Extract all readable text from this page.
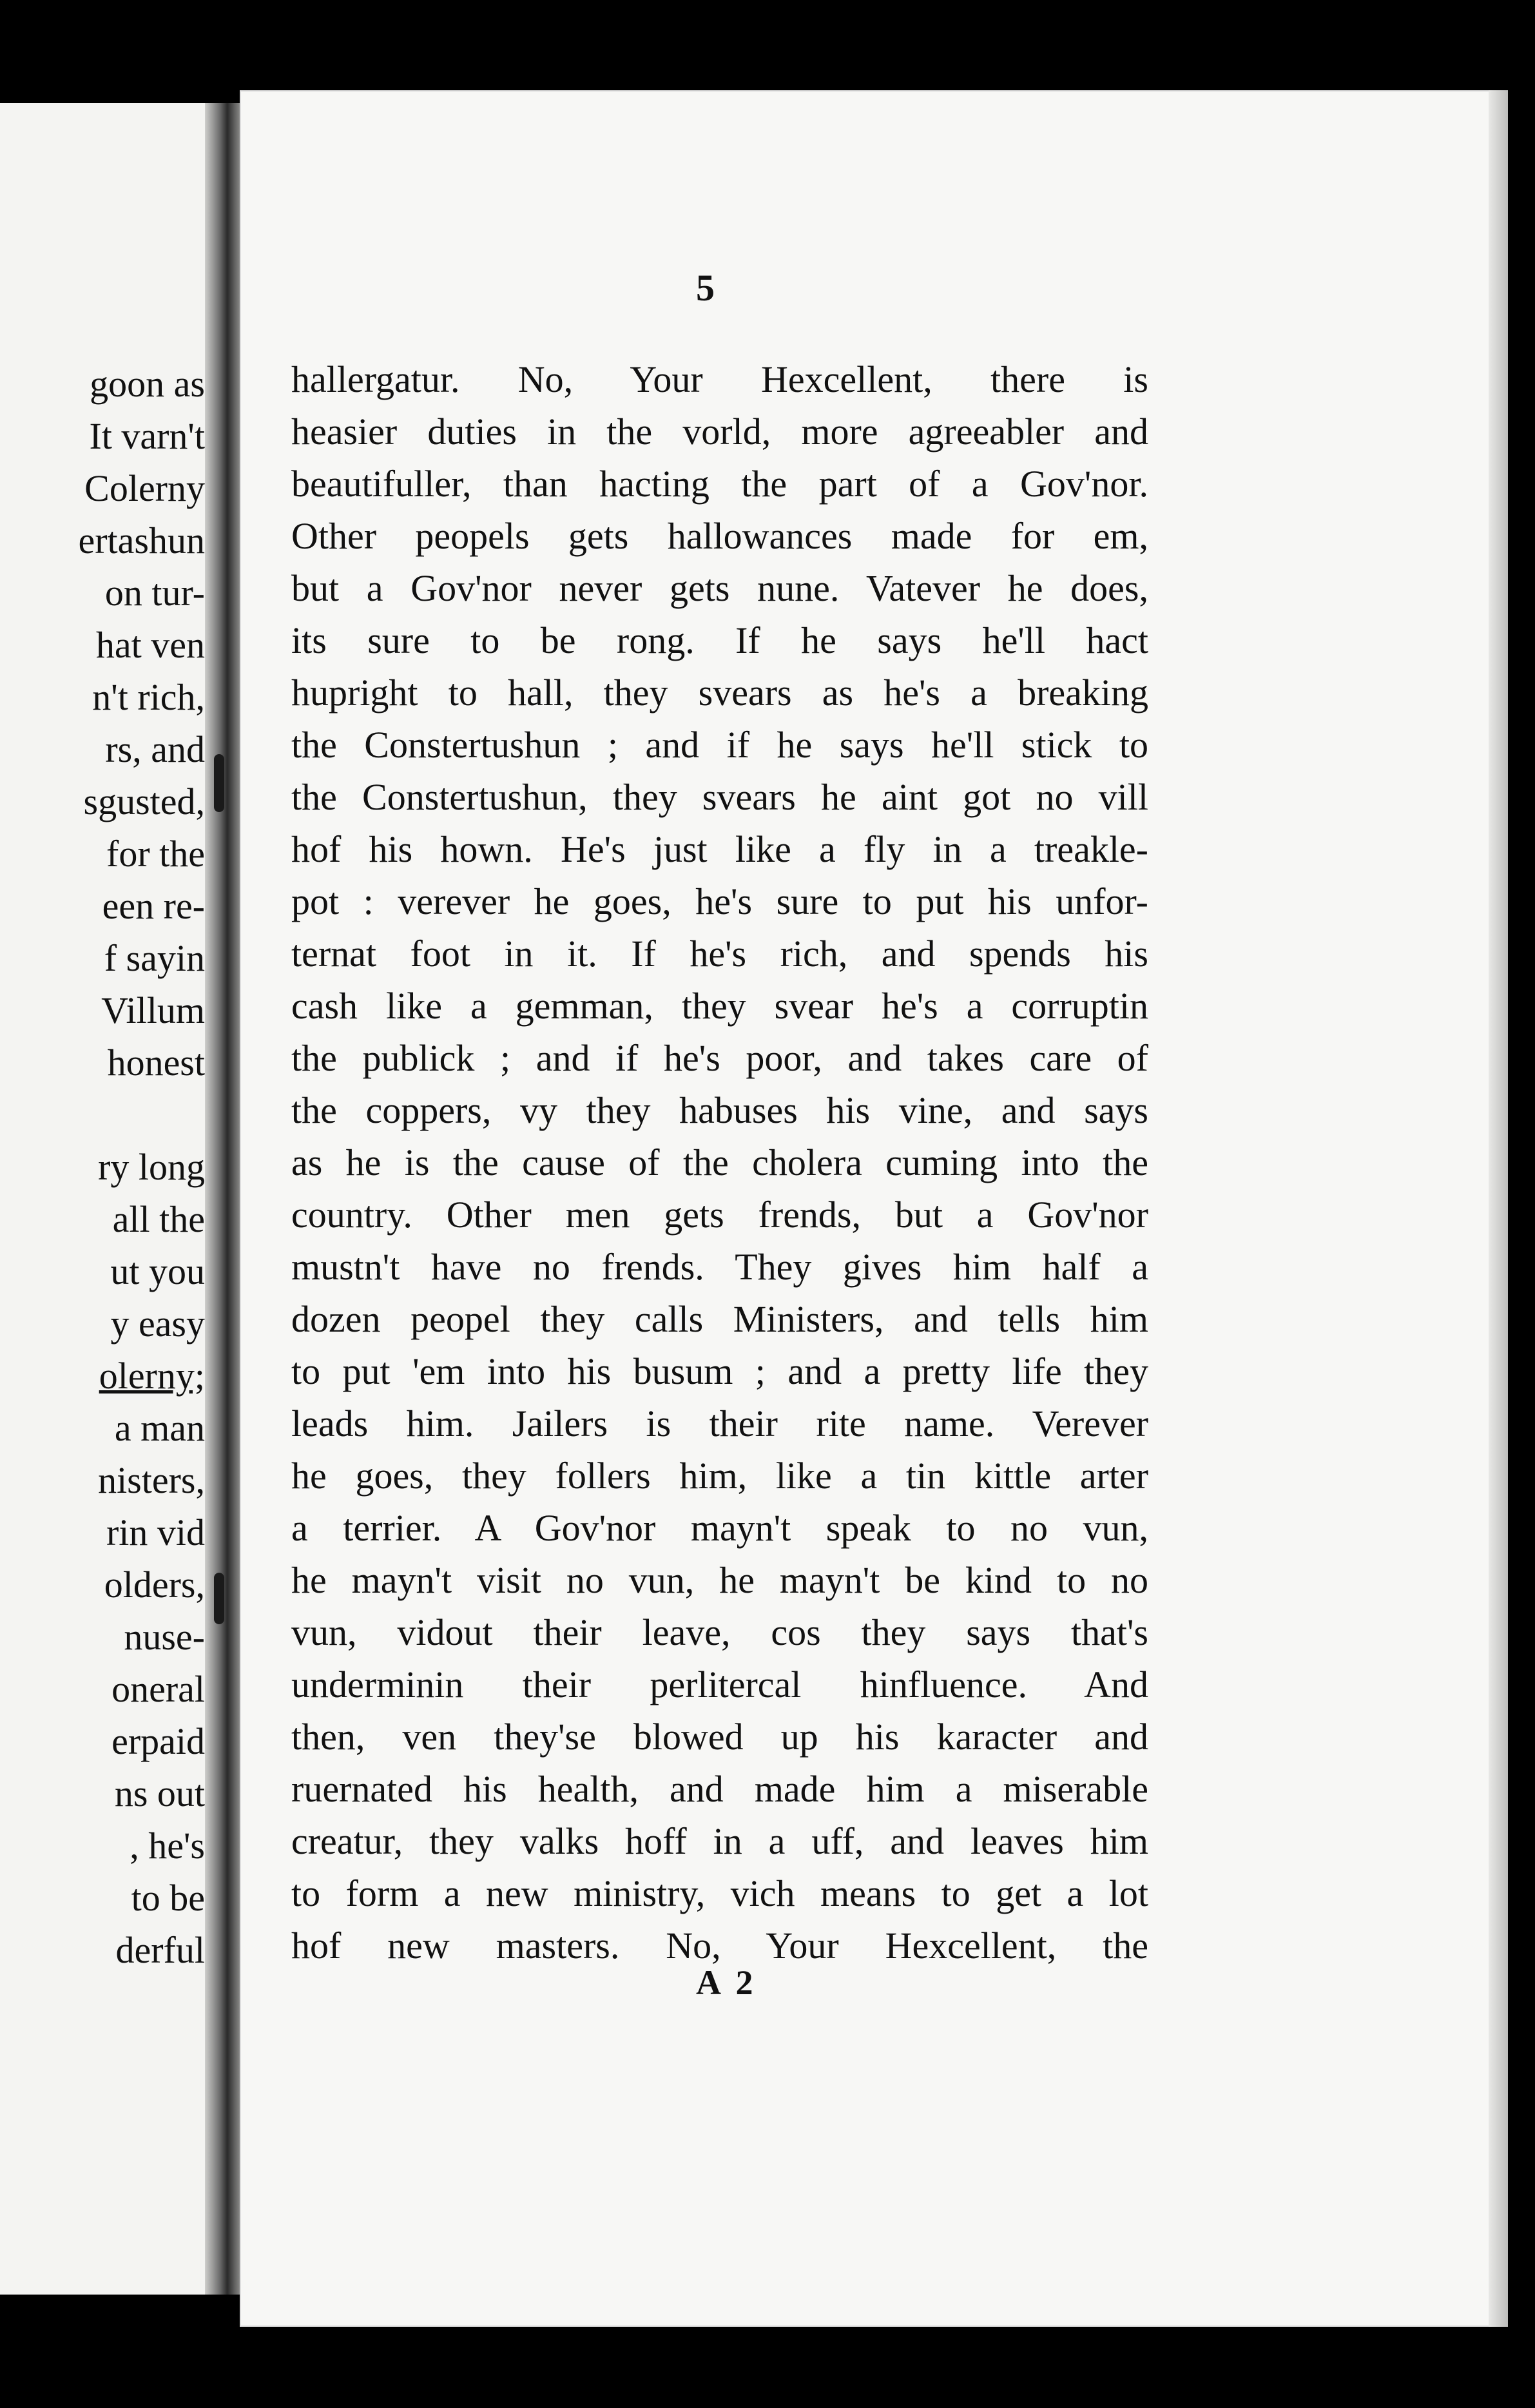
goon as
It varn't
Colerny
ertashun
on tur-
hat ven
n't rich,
rs, and
sgusted,
for the
een re-
f sayin
Villum
honest
ry long
all the
ut you
y easy
olerny;
a man
nisters,
rin vid
olders,
nuse-
oneral
erpaid
ns out
, he's
to be
derful
5
hallergatur. No, Your Hexcellent, there is
heasier duties in the vorld, more agreeabler and
beautifuller, than hacting the part of a Gov'nor.
Other peopels gets hallowances made for em,
but a Gov'nor never gets nune. Vatever he does,
its sure to be rong. If he says he'll hact
hupright to hall, they svears as he's a breaking
the Constertushun ; and if he says he'll stick to
the Constertushun, they svears he aint got no vill
hof his hown. He's just like a fly in a treakle-
pot : verever he goes, he's sure to put his unfor-
ternat foot in it. If he's rich, and spends his
cash like a gemman, they svear he's a corruptin
the publick ; and if he's poor, and takes care of
the coppers, vy they habuses his vine, and says
as he is the cause of the cholera cuming into the
country. Other men gets frends, but a Gov'nor
mustn't have no frends. They gives him half a
dozen peopel they calls Ministers, and tells him
to put 'em into his busum ; and a pretty life they
leads him. Jailers is their rite name. Verever
he goes, they follers him, like a tin kittle arter
a terrier. A Gov'nor mayn't speak to no vun,
he mayn't visit no vun, he mayn't be kind to no
vun, vidout their leave, cos they says that's
underminin their perlitercal hinfluence. And
then, ven they'se blowed up his karacter and
ruernated his health, and made him a miserable
creatur, they valks hoff in a uff, and leaves him
to form a new ministry, vich means to get a lot
hof new masters. No, Your Hexcellent, the
A 2
